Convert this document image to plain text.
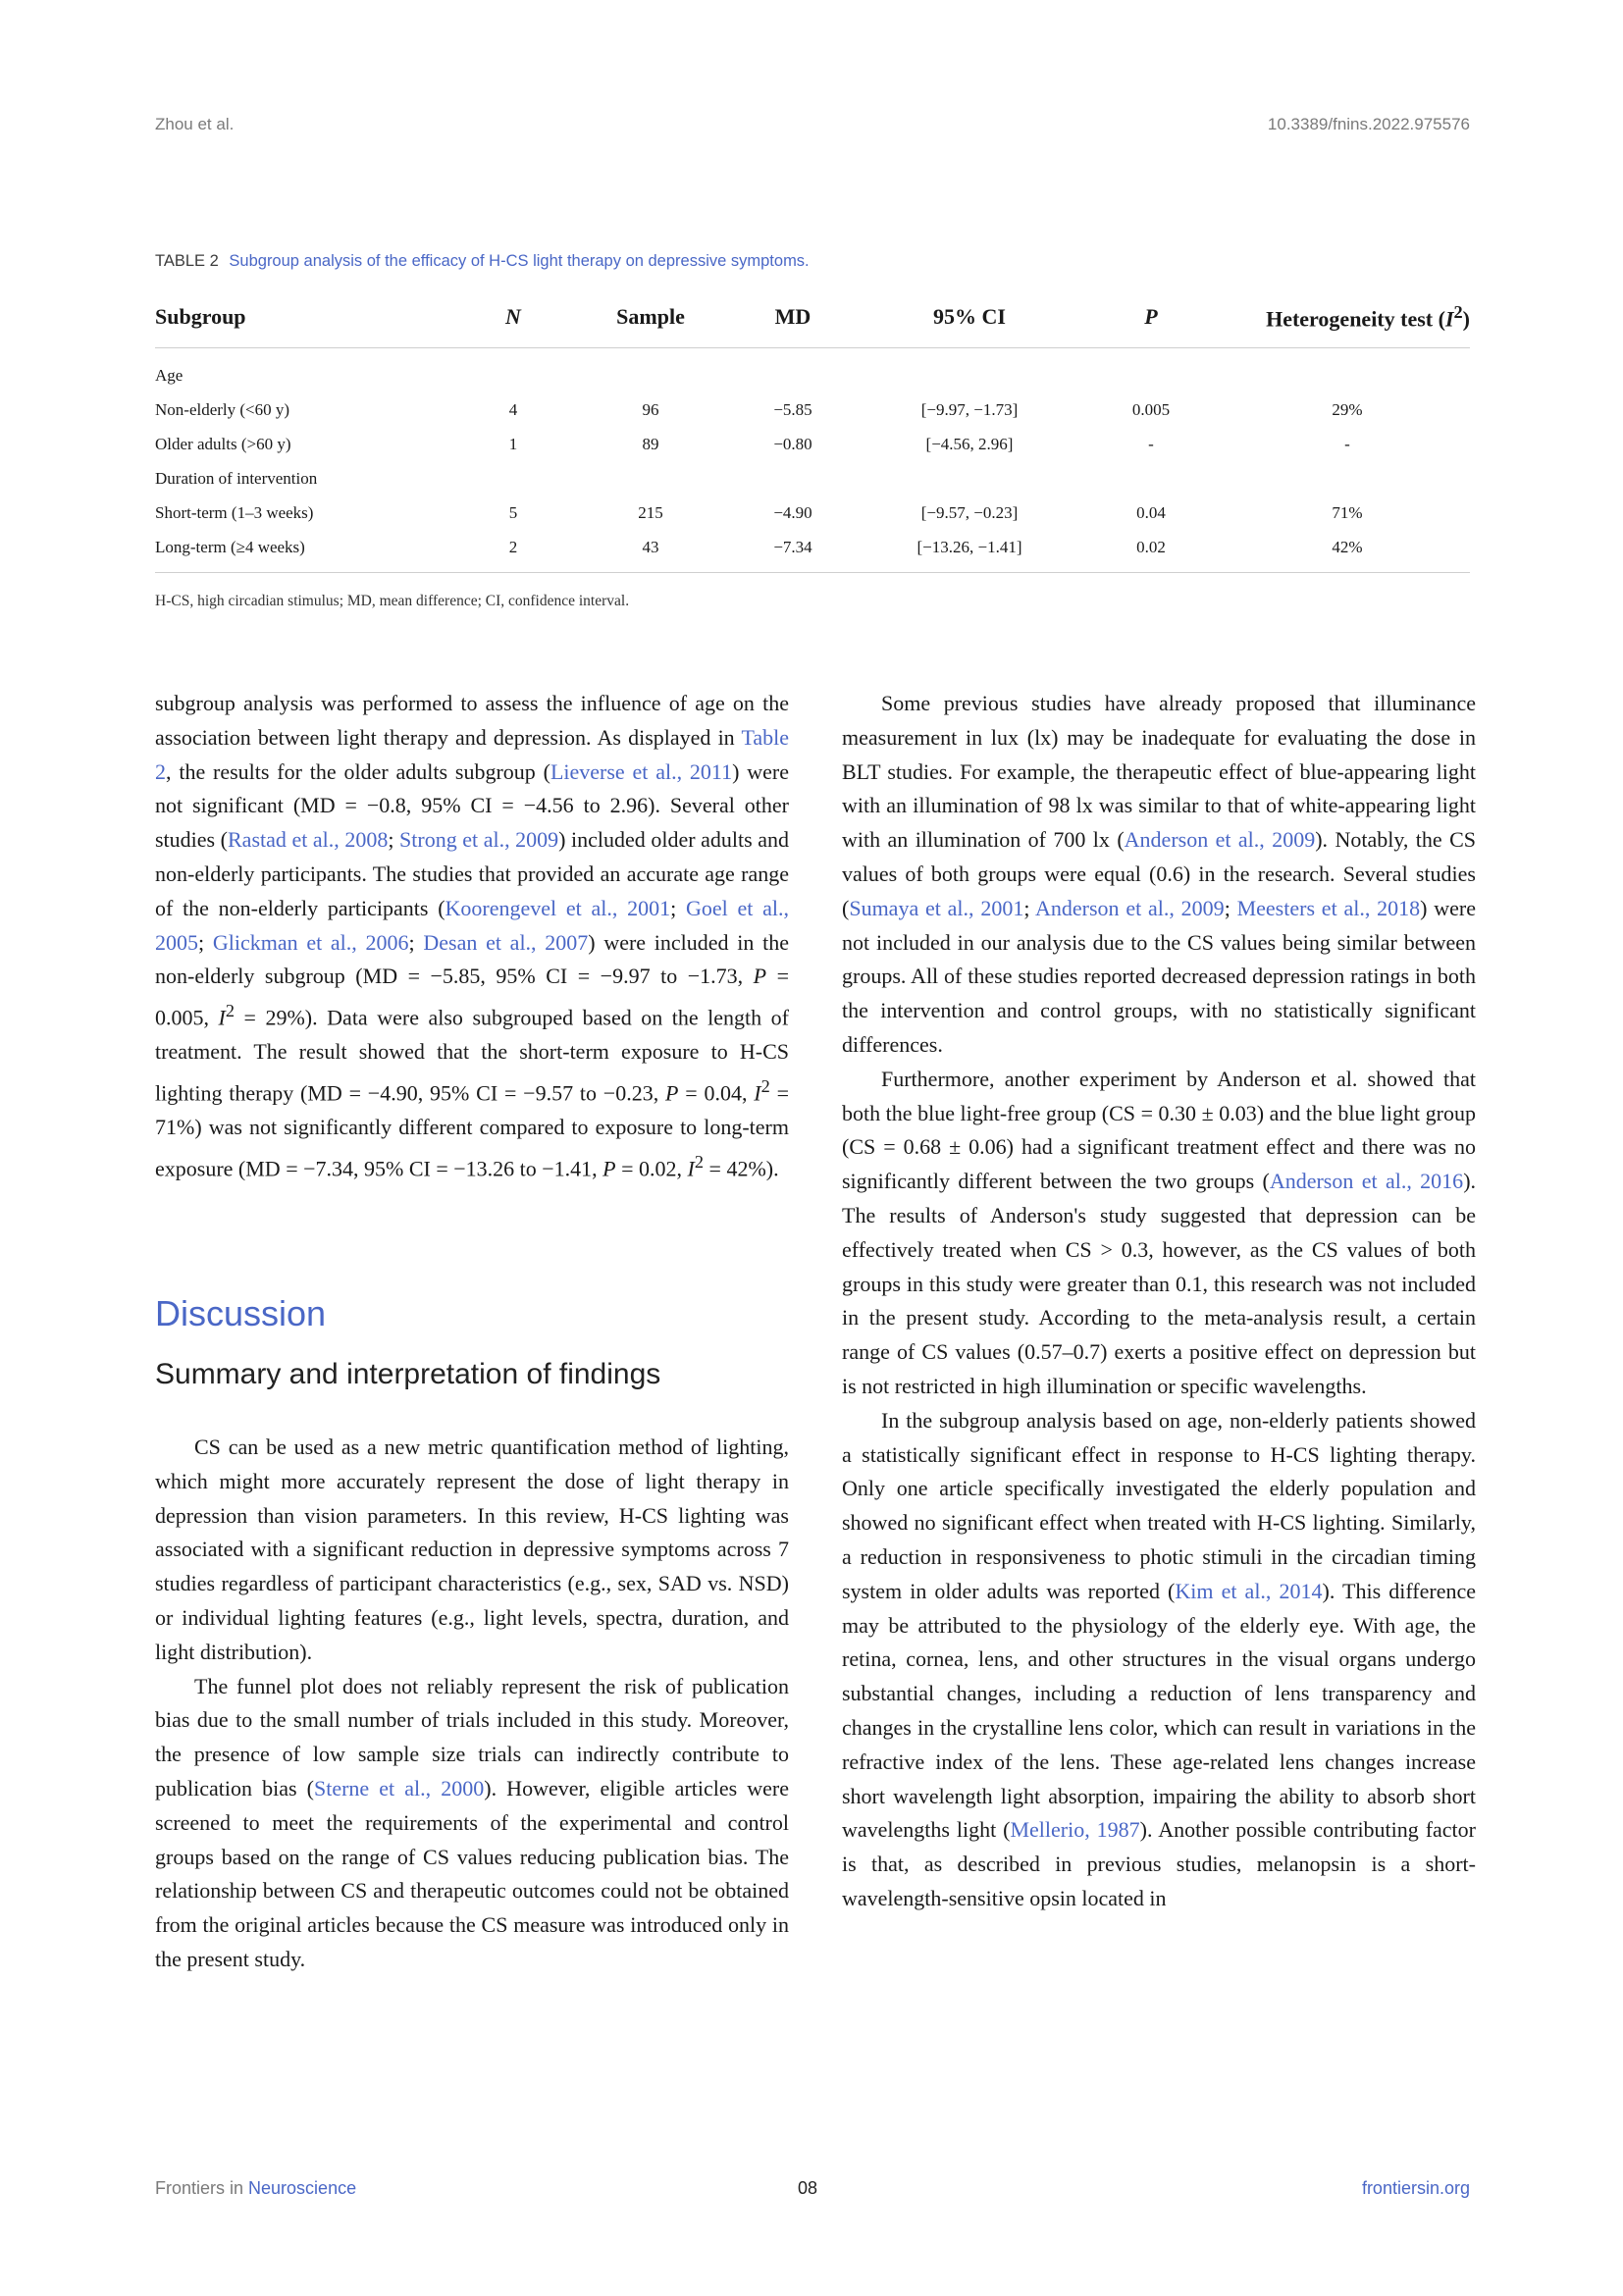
Zhou et al.	10.3389/fnins.2022.975576
TABLE 2 Subgroup analysis of the efficacy of H-CS light therapy on depressive symptoms.
Subgroup	N	Sample	MD	95% CI	P	Heterogeneity test $(I^2)$
Age						
Non-elderly (<60 y)	4	96	−5.85	[−9.97, −1.73]	0.005	29%
Older adults (>60 y)	1	89	−0.80	[−4.56, 2.96]	-	-
Duration of intervention						
Short-term (1–3 weeks)	5	215	−4.90	[−9.57, −0.23]	0.04	71%
Long-term (≥4 weeks)	2	43	−7.34	[−13.26, −1.41]	0.02	42%
H-CS, high circadian stimulus; MD, mean difference; CI, confidence interval.

subgroup analysis was performed to assess the influence of age on the association between light therapy and depression. As displayed in Table 2, the results for the older adults subgroup (Lieverse et al., 2011) were not significant (MD = −0.8, 95% CI = −4.56 to 2.96). Several other studies (Rastad et al., 2008; Strong et al., 2009) included older adults and non-elderly participants. The studies that provided an accurate age range of the non-elderly participants (Koorengevel et al., 2001; Goel et al., 2005; Glickman et al., 2006; Desan et al., 2007) were included in the non-elderly subgroup (MD = −5.85, 95% CI = −9.97 to −1.73, P = 0.005, $I^2 = 29\%$). Data were also subgrouped based on the length of treatment. The result showed that the short-term exposure to H-CS lighting therapy (MD = −4.90, 95% CI = −9.57 to −0.23, P = 0.04, $I^2 = 71\%$) was not significantly different compared to exposure to long-term exposure (MD = −7.34, 95% CI = −13.26 to −1.41, P = 0.02, $I^2 = 42\%$).

Discussion
Summary and interpretation of findings

CS can be used as a new metric quantification method of lighting, which might more accurately represent the dose of light therapy in depression than vision parameters. In this review, H-CS lighting was associated with a significant reduction in depressive symptoms across 7 studies regardless of participant characteristics (e.g., sex, SAD vs. NSD) or individual lighting features (e.g., light levels, spectra, duration, and light distribution).

The funnel plot does not reliably represent the risk of publication bias due to the small number of trials included in this study. Moreover, the presence of low sample size trials can indirectly contribute to publication bias (Sterne et al., 2000). However, eligible articles were screened to meet the requirements of the experimental and control groups based on the range of CS values reducing publication bias. The relationship between CS and therapeutic outcomes could not be obtained from the original articles because the CS measure was introduced only in the present study.

Some previous studies have already proposed that illuminance measurement in lux (lx) may be inadequate for evaluating the dose in BLT studies. For example, the therapeutic effect of blue-appearing light with an illumination of 98 lx was similar to that of white-appearing light with an illumination of 700 lx (Anderson et al., 2009). Notably, the CS values of both groups were equal (0.6) in the research. Several studies (Sumaya et al., 2001; Anderson et al., 2009; Meesters et al., 2018) were not included in our analysis due to the CS values being similar between groups. All of these studies reported decreased depression ratings in both the intervention and control groups, with no statistically significant differences.

Furthermore, another experiment by Anderson et al. showed that both the blue light-free group (CS = 0.30 ± 0.03) and the blue light group (CS = 0.68 ± 0.06) had a significant treatment effect and there was no significantly different between the two groups (Anderson et al., 2016). The results of Anderson's study suggested that depression can be effectively treated when CS > 0.3, however, as the CS values of both groups in this study were greater than 0.1, this research was not included in the present study. According to the meta-analysis result, a certain range of CS values (0.57–0.7) exerts a positive effect on depression but is not restricted in high illumination or specific wavelengths.

In the subgroup analysis based on age, non-elderly patients showed a statistically significant effect in response to H-CS lighting therapy. Only one article specifically investigated the elderly population and showed no significant effect when treated with H-CS lighting. Similarly, a reduction in responsiveness to photic stimuli in the circadian timing system in older adults was reported (Kim et al., 2014). This difference may be attributed to the physiology of the elderly eye. With age, the retina, cornea, lens, and other structures in the visual organs undergo substantial changes, including a reduction of lens transparency and changes in the crystalline lens color, which can result in variations in the refractive index of the lens. These age-related lens changes increase short wavelength light absorption, impairing the ability to absorb short wavelengths light (Mellerio, 1987). Another possible contributing factor is that, as described in previous studies, melanopsin is a short-wavelength-sensitive opsin located in

Frontiers in Neuroscience	08	frontiersin.org
